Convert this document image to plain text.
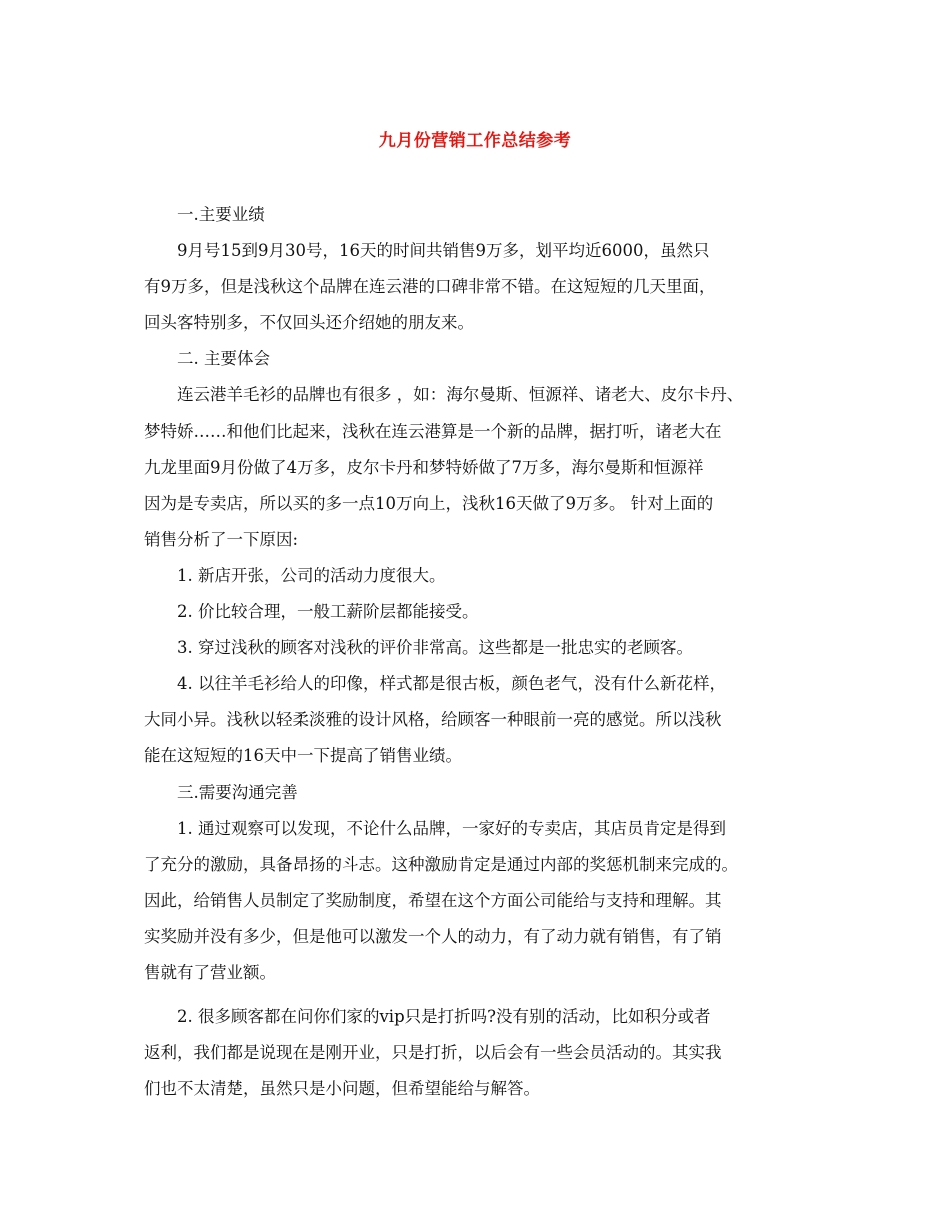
九月份营销工作总结参考
一.主要业绩
9月号15到9月30号，16天的时间共销售9万多，划平均近6000，虽然只
有9万多，但是浅秋这个品牌在连云港的口碑非常不错。在这短短的几天里面，
回头客特别多，不仅回头还介绍她的朋友来。
二. 主要体会
连云港羊毛衫的品牌也有很多 ，如：海尔曼斯、恒源祥、诸老大、皮尔卡丹、
梦特娇……和他们比起来，浅秋在连云港算是一个新的品牌，据打听，诸老大在
九龙里面9月份做了4万多，皮尔卡丹和梦特娇做了7万多，海尔曼斯和恒源祥
因为是专卖店，所以买的多一点10万向上，浅秋16天做了9万多。 针对上面的
销售分析了一下原因:
1. 新店开张，公司的活动力度很大。
2. 价比较合理，一般工薪阶层都能接受。
3. 穿过浅秋的顾客对浅秋的评价非常高。这些都是一批忠实的老顾客。
4. 以往羊毛衫给人的印像，样式都是很古板，颜色老气，没有什么新花样，
大同小异。浅秋以轻柔淡雅的设计风格，给顾客一种眼前一亮的感觉。所以浅秋
能在这短短的16天中一下提高了销售业绩。
三.需要沟通完善
1. 通过观察可以发现，不论什么品牌，一家好的专卖店，其店员肯定是得到
了充分的激励，具备昂扬的斗志。这种激励肯定是通过内部的奖惩机制来完成的。
因此，给销售人员制定了奖励制度，希望在这个方面公司能给与支持和理解。其
实奖励并没有多少，但是他可以激发一个人的动力，有了动力就有销售，有了销
售就有了营业额。
2. 很多顾客都在问你们家的vip只是打折吗?没有别的活动，比如积分或者
返利，我们都是说现在是刚开业，只是打折，以后会有一些会员活动的。其实我
们也不太清楚，虽然只是小问题，但希望能给与解答。
